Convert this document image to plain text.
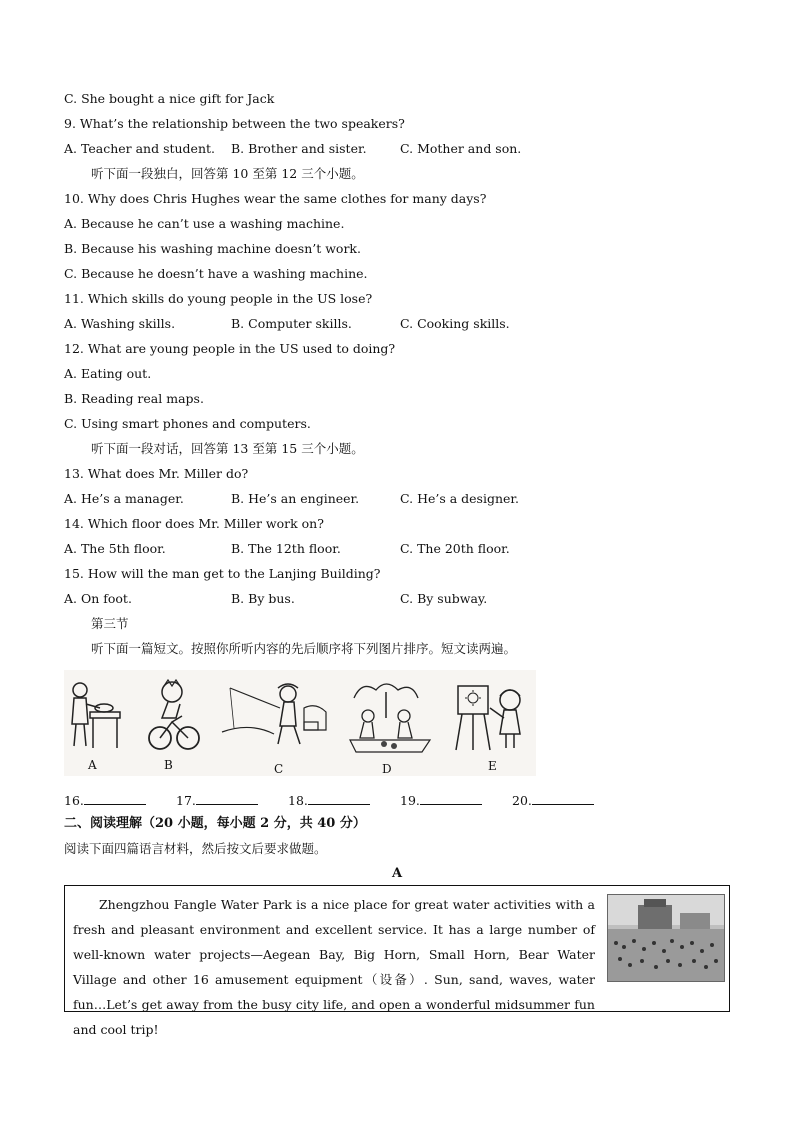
C. She bought a nice gift for Jack
9. What’s the relationship between the two speakers?
A. Teacher and student. B. Brother and sister.	C. Mother and son.
听下面一段独白，回答第 10 至第 12 三个小题。
10. Why does Chris Hughes wear the same clothes for many days?
A. Because he can’t use a washing machine.
B. Because his washing machine doesn’t work.
C. Because he doesn’t have a washing machine.
11. Which skills do young people in the US lose?
A. Washing skills.	B. Computer skills.	C. Cooking skills.
12. What are young people in the US used to doing?
A. Eating out.
B. Reading real maps.
C. Using smart phones and computers.
听下面一段对话，回答第 13 至第 15 三个小题。
13. What does Mr. Miller do?
A. He’s a manager.	B. He’s an engineer.	C. He’s a designer.
14. Which floor does Mr. Miller work on?
A. The 5th floor.	B. The 12th floor.	C. The 20th floor.
15. How will the man get to the Lanjing Building?
A. On foot.	B. By bus.	C. By subway.
第三节
听下面一篇短文。按照你所听内容的先后顺序将下列图片排序。短文读两遍。
A	B	C	D	E
16.	17.	18.	19.	20.
二、阅读理解（20 小题，每小题 2 分，共 40 分）
阅读下面四篇语言材料，然后按文后要求做题。
A

Zhengzhou Fangle Water Park is a nice place for great water activities with a fresh and pleasant environment and excellent service. It has a large number of well-known water projects—Aegean Bay, Big Horn, Small Horn, Bear Water Village and other 16 amusement equipment（设备）. Sun, sand, waves, water fun…Let’s get away from the busy city life, and open a wonderful midsummer fun and cool trip!
